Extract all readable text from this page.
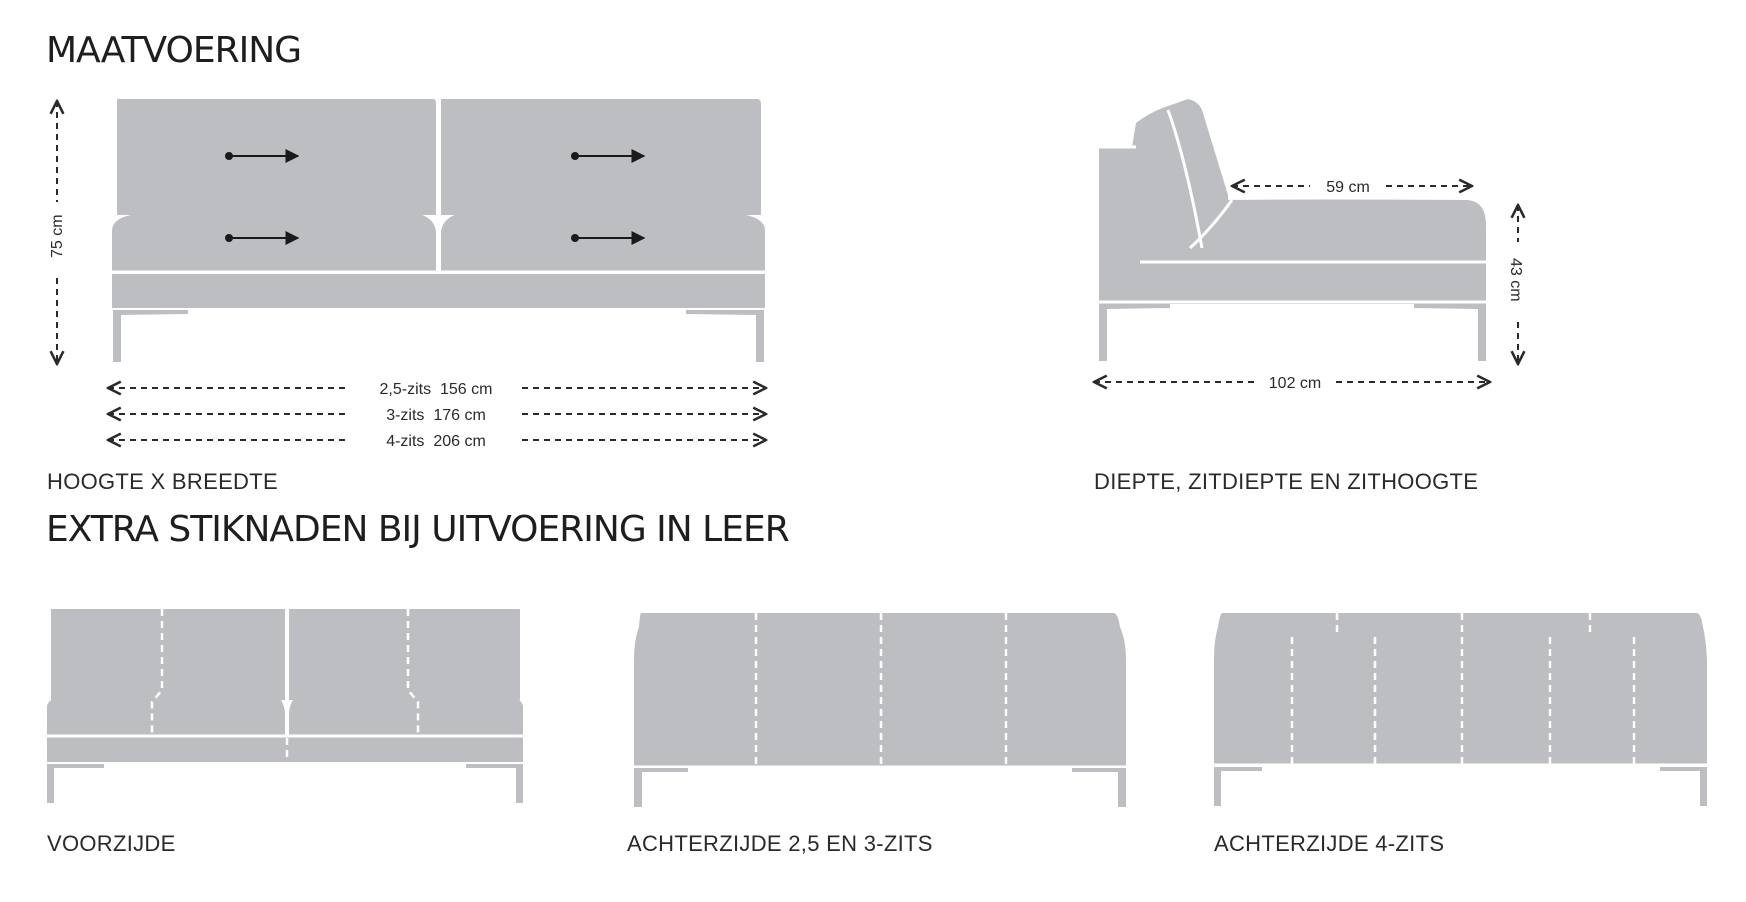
MAATVOERING
EXTRA STIKNADEN BIJ UITVOERING IN LEER
75 cm
2,5-zits  156 cm
3-zits  176 cm
4-zits  206 cm
HOOGTE X BREEDTE
59 cm
43 cm
102 cm
DIEPTE, ZITDIEPTE EN ZITHOOGTE
VOORZIJDE	ACHTERZIJDE 2,5 EN 3-ZITS	ACHTERZIJDE 4-ZITS
